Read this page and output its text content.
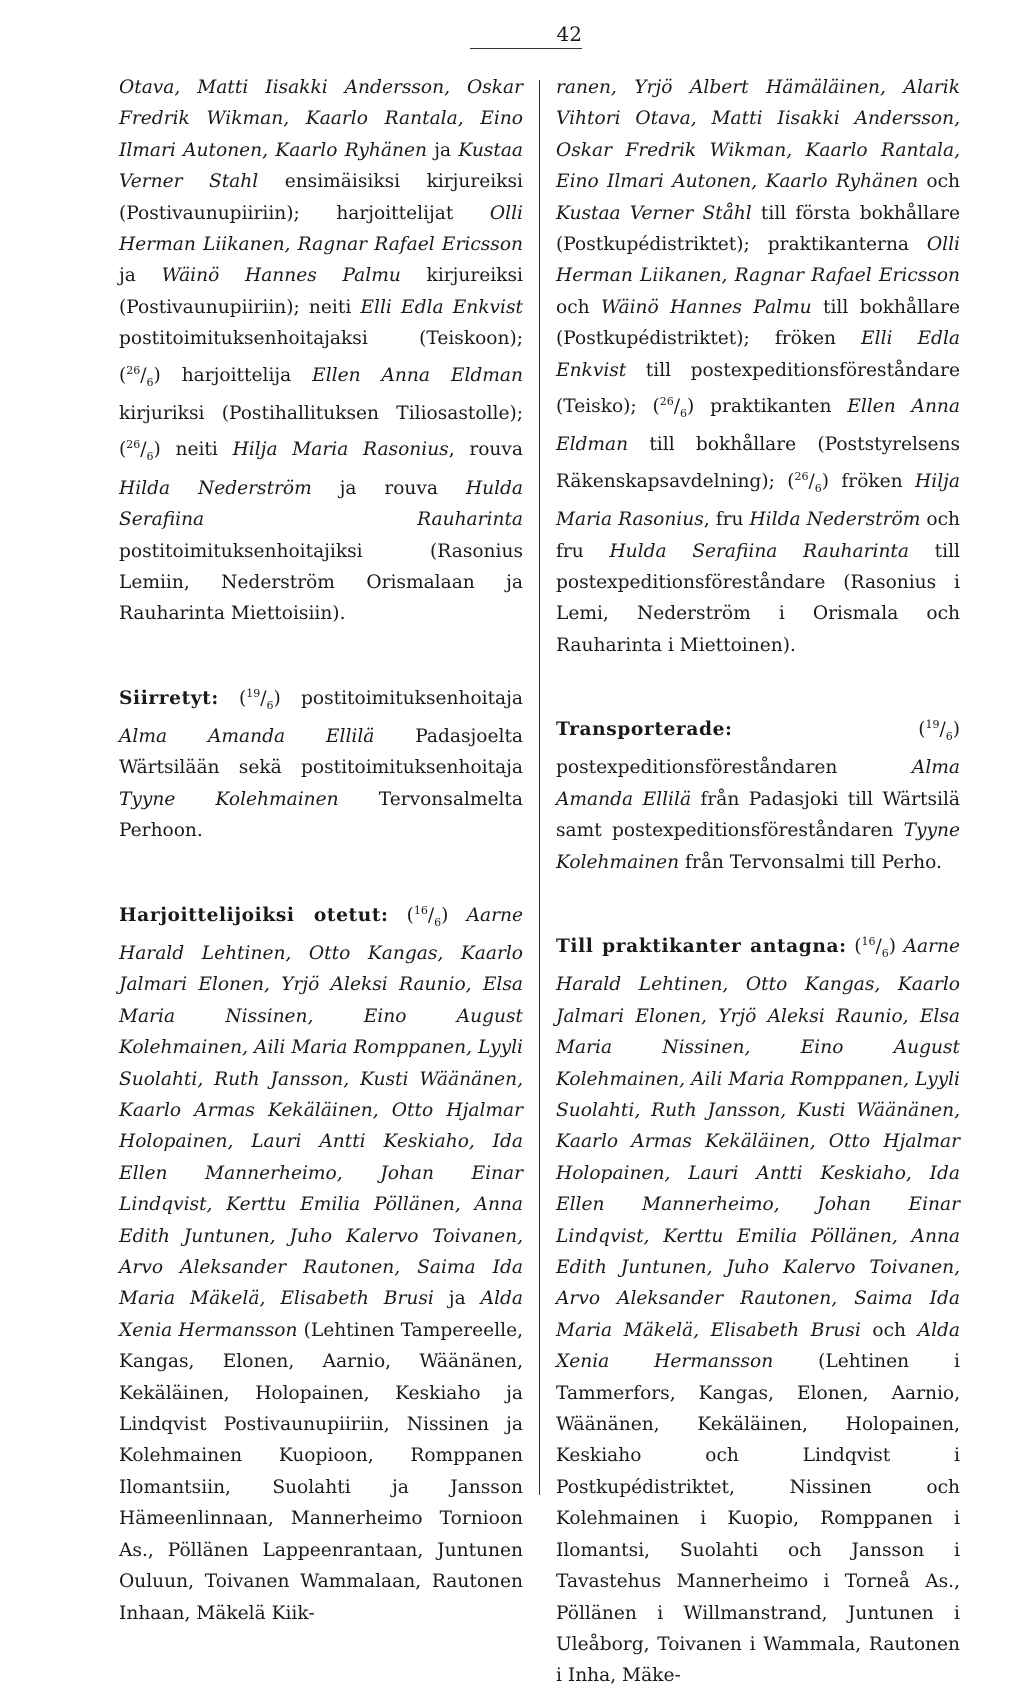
42

Otava, Matti Iisakki Andersson, Oskar Fredrik Wikman, Kaarlo Rantala, Eino Ilmari Autonen, Kaarlo Ryhänen ja Kustaa Verner Stahl ensimäisiksi kirjureiksi (Postivaunupiiriin); harjoittelijat Olli Herman Liikanen, Ragnar Rafael Ericsson ja Wäinö Hannes Palmu kirjureiksi (Postivaunupiiriin); neiti Elli Edla Enkvist postitoimituksenhoitajaksi (Teiskoon); $(^{26}/_6)$ harjoittelija Ellen Anna Eldman kirjuriksi (Postihallituksen Tiliosastolle); $(^{26}/_6)$ neiti Hilja Maria Rasonius, rouva Hilda Nederström ja rouva Hulda Serafiina Rauharinta postitoimituksenhoitajiksi (Rasonius Lemiin, Nederström Orismalaan ja Rauharinta Miettoisiin).

Siirretyt: $(^{19}/_6)$ postitoimituksenhoitaja Alma Amanda Ellilä Padasjoelta Wärtsilään sekä postitoimituksenhoitaja Tyyne Kolehmainen Tervonsalmelta Perhoon.

Harjoittelijoiksi otetut: $(^{16}/_6)$ Aarne Harald Lehtinen, Otto Kangas, Kaarlo Jalmari Elonen, Yrjö Aleksi Raunio, Elsa Maria Nissinen, Eino August Kolehmainen, Aili Maria Romppanen, Lyyli Suolahti, Ruth Jansson, Kusti Wäänänen, Kaarlo Armas Kekäläinen, Otto Hjalmar Holopainen, Lauri Antti Keskiaho, Ida Ellen Mannerheimo, Johan Einar Lindqvist, Kerttu Emilia Pöllänen, Anna Edith Juntunen, Juho Kalervo Toivanen, Arvo Aleksander Rautonen, Saima Ida Maria Mäkelä, Elisabeth Brusi ja Alda Xenia Hermansson (Lehtinen Tampereelle, Kangas, Elonen, Aarnio, Wäänänen, Kekäläinen, Holopainen, Keskiaho ja Lindqvist Postivaunupiiriin, Nissinen ja Kolehmainen Kuopioon, Romppanen Ilomantsiin, Suolahti ja Jansson Hämeenlinnaan, Mannerheimo Tornioon As., Pöllänen Lappeenrantaan, Juntunen Ouluun, Toivanen Wammalaan, Rautonen Inhaan, Mäkelä Kiik-

ranen, Yrjö Albert Hämäläinen, Alarik Vihtori Otava, Matti Iisakki Andersson, Oskar Fredrik Wikman, Kaarlo Rantala, Eino Ilmari Autonen, Kaarlo Ryhänen och Kustaa Verner Ståhl till första bokhållare (Postkupédistriktet); praktikanterna Olli Herman Liikanen, Ragnar Rafael Ericsson och Wäinö Hannes Palmu till bokhållare (Postkupédistriktet); fröken Elli Edla Enkvist till postexpeditionsföreståndare (Teisko); $(^{26}/_6)$ praktikanten Ellen Anna Eldman till bokhållare (Poststyrelsens Räkenskapsavdelning); $(^{26}/_6)$ fröken Hilja Maria Rasonius, fru Hilda Nederström och fru Hulda Serafiina Rauharinta till postexpeditionsföreståndare (Rasonius i Lemi, Nederström i Orismala och Rauharinta i Miettoinen).

Transporterade: $(^{19}/_6)$ postexpeditionsföreståndaren Alma Amanda Ellilä från Padasjoki till Wärtsilä samt postexpeditionsföreståndaren Tyyne Kolehmainen från Tervonsalmi till Perho.

Till praktikanter antagna: $(^{16}/_6)$ Aarne Harald Lehtinen, Otto Kangas, Kaarlo Jalmari Elonen, Yrjö Aleksi Raunio, Elsa Maria Nissinen, Eino August Kolehmainen, Aili Maria Romppanen, Lyyli Suolahti, Ruth Jansson, Kusti Wäänänen, Kaarlo Armas Kekäläinen, Otto Hjalmar Holopainen, Lauri Antti Keskiaho, Ida Ellen Mannerheimo, Johan Einar Lindqvist, Kerttu Emilia Pöllänen, Anna Edith Juntunen, Juho Kalervo Toivanen, Arvo Aleksander Rautonen, Saima Ida Maria Mäkelä, Elisabeth Brusi och Alda Xenia Hermansson (Lehtinen i Tammerfors, Kangas, Elonen, Aarnio, Wäänänen, Kekäläinen, Holopainen, Keskiaho och Lindqvist i Postkupédistriktet, Nissinen och Kolehmainen i Kuopio, Romppanen i Ilomantsi, Suolahti och Jansson i Tavastehus Mannerheimo i Torneå As., Pöllänen i Willmanstrand, Juntunen i Uleåborg, Toivanen i Wammala, Rautonen i Inha, Mäke-
